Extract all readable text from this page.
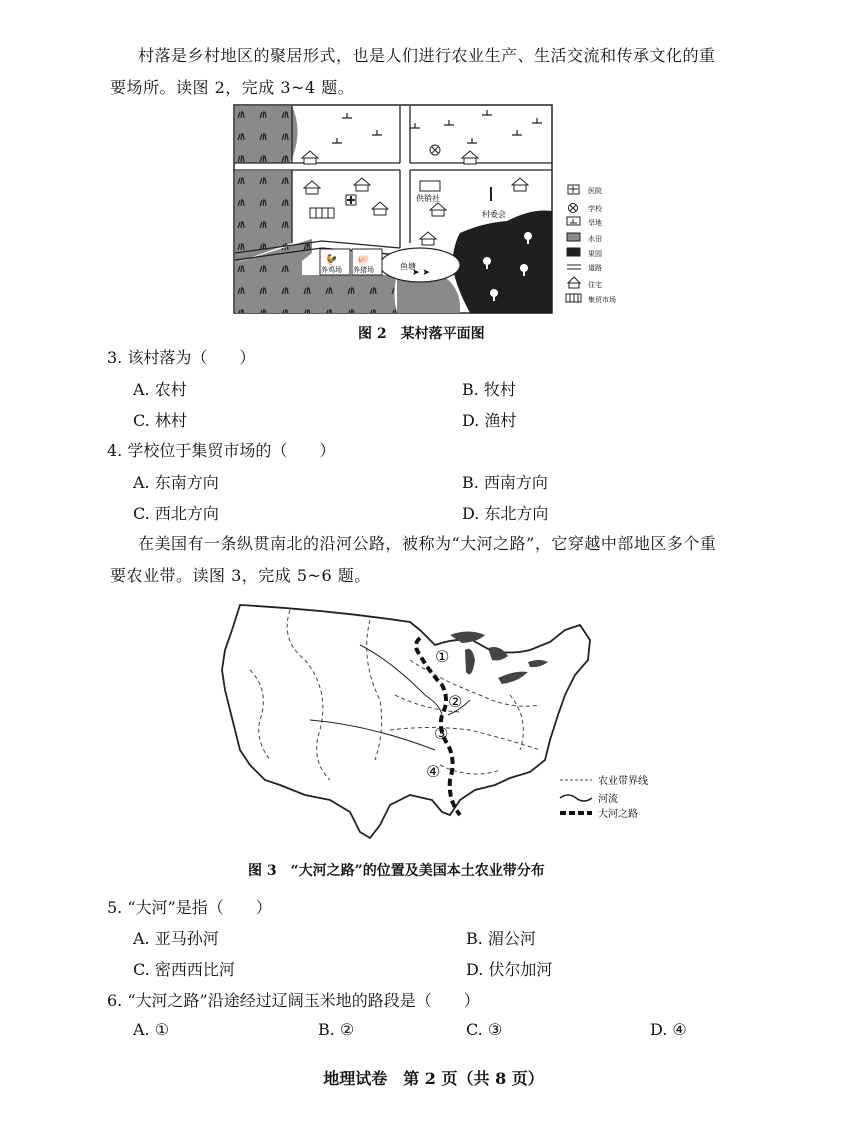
村落是乡村地区的聚居形式，也是人们进行农业生产、生活交流和传承文化的重
要场所。读图 2，完成 3~4 题。
鱼塘
➤ ➤
🐓 🐖
养鸡场 养猪场
供销社
村委会
医院
学校
旱地
水田
果园
道路
住宅
集贸市场
图 2　某村落平面图
3. 该村落为（　　）
A. 农村	B. 牧村
C. 林村	D. 渔村
4. 学校位于集贸市场的（　　）
A. 东南方向	B. 西南方向
C. 西北方向	D. 东北方向
在美国有一条纵贯南北的沿河公路，被称为“大河之路”，它穿越中部地区多个重
要农业带。读图 3，完成 5~6 题。
①
②
③
④
农业带界线
河流
大河之路
图 3　“大河之路”的位置及美国本土农业带分布
5. “大河”是指（　　）
A. 亚马孙河	B. 湄公河
C. 密西西比河	D. 伏尔加河
6. “大河之路”沿途经过辽阔玉米地的路段是（　　）
A. ①	B. ②	C. ③	D. ④
地理试卷　第 2 页（共 8 页）
